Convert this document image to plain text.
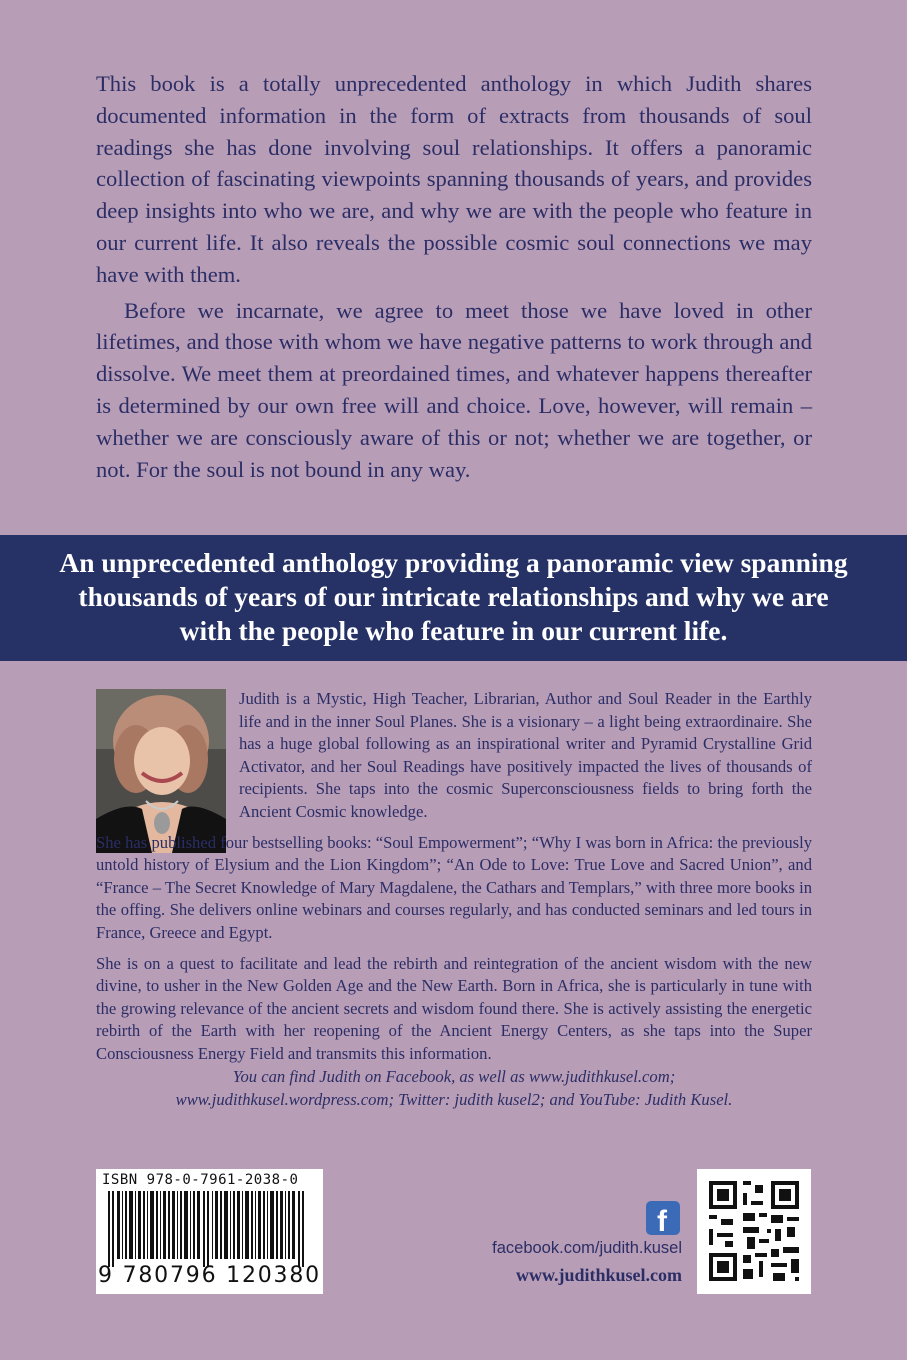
This book is a totally unprecedented anthology in which Judith shares documented information in the form of extracts from thousands of soul readings she has done involving soul relationships. It offers a panoramic collection of fascinating viewpoints spanning thousands of years, and provides deep insights into who we are, and why we are with the people who feature in our current life. It also reveals the possible cosmic soul connections we may have with them.

Before we incarnate, we agree to meet those we have loved in other lifetimes, and those with whom we have negative patterns to work through and dissolve. We meet them at preordained times, and whatever happens thereafter is determined by our own free will and choice. Love, however, will remain – whether we are consciously aware of this or not; whether we are together, or not. For the soul is not bound in any way.

An unprecedented anthology providing a panoramic view spanning thousands of years of our intricate relationships and why we are with the people who feature in our current life.

Judith is a Mystic, High Teacher, Librarian, Author and Soul Reader in the Earthly life and in the inner Soul Planes. She is a visionary – a light being extraordinaire. She has a huge global following as an inspirational writer and Pyramid Crystalline Grid Activator, and her Soul Readings have positively impacted the lives of thousands of recipients. She taps into the cosmic Superconsciousness fields to bring forth the Ancient Cosmic knowledge.

She has published four bestselling books: “Soul Empowerment”; “Why I was born in Africa: the previously untold history of Elysium and the Lion Kingdom”; “An Ode to Love: True Love and Sacred Union”, and “France – The Secret Knowledge of Mary Magdalene, the Cathars and Templars,” with three more books in the offing. She delivers online webinars and courses regularly, and has conducted seminars and led tours in France, Greece and Egypt.

She is on a quest to facilitate and lead the rebirth and reintegration of the ancient wisdom with the new divine, to usher in the New Golden Age and the New Earth. Born in Africa, she is particularly in tune with the growing relevance of the ancient secrets and wisdom found there. She is actively assisting the energetic rebirth of the Earth with her reopening of the Ancient Energy Centers, as she taps into the Super Consciousness Energy Field and transmits this information.

You can find Judith on Facebook, as well as www.judithkusel.com;
www.judithkusel.wordpress.com; Twitter: judith kusel2; and YouTube: Judith Kusel.
ISBN 978-0-7961-2038-0
9 780796 120380
f
facebook.com/judith.kusel
www.judithkusel.com
